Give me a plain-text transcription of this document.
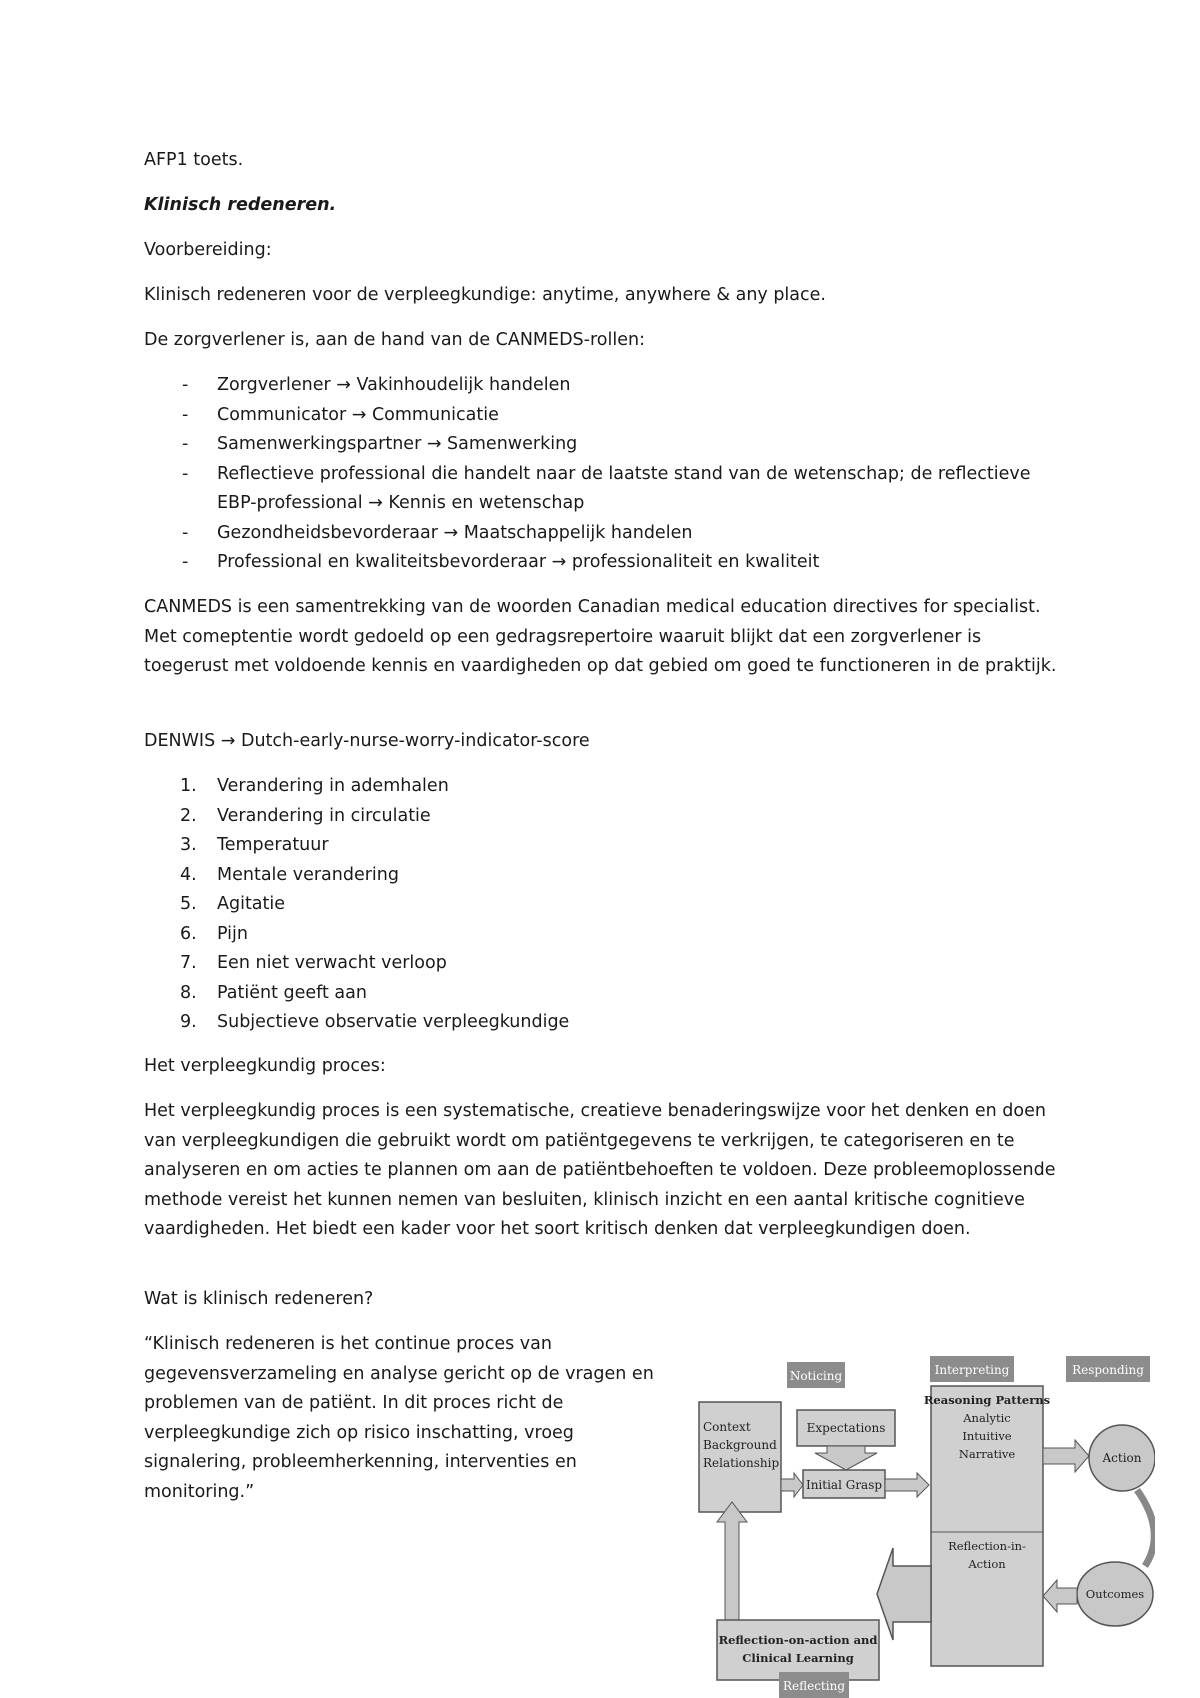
AFP1 toets.

Klinisch redeneren.

Voorbereiding:

Klinisch redeneren voor de verpleegkundige: anytime, anywhere & any place.

De zorgverlener is, aan de hand van de CANMEDS-rollen:

- Zorgverlener → Vakinhoudelijk handelen
- Communicator → Communicatie
- Samenwerkingspartner → Samenwerking
- Reflectieve professional die handelt naar de laatste stand van de wetenschap; de reflectieve EBP-professional → Kennis en wetenschap
- Gezondheidsbevorderaar → Maatschappelijk handelen
- Professional en kwaliteitsbevorderaar → professionaliteit en kwaliteit

CANMEDS is een samentrekking van de woorden Canadian medical education directives for specialist. Met comeptentie wordt gedoeld op een gedragsrepertoire waaruit blijkt dat een zorgverlener is toegerust met voldoende kennis en vaardigheden op dat gebied om goed te functioneren in de praktijk.

DENWIS → Dutch-early-nurse-worry-indicator-score

1. Verandering in ademhalen
2. Verandering in circulatie
3. Temperatuur
4. Mentale verandering
5. Agitatie
6. Pijn
7. Een niet verwacht verloop
8. Patiënt geeft aan
9. Subjectieve observatie verpleegkundige

Het verpleegkundig proces:

Het verpleegkundig proces is een systematische, creatieve benaderingswijze voor het denken en doen van verpleegkundigen die gebruikt wordt om patiëntgegevens te verkrijgen, te categoriseren en te analyseren en om acties te plannen om aan de patiëntbehoeften te voldoen. Deze probleemoplossende methode vereist het kunnen nemen van besluiten, klinisch inzicht en een aantal kritische cognitieve vaardigheden. Het biedt een kader voor het soort kritisch denken dat verpleegkundigen doen.

Wat is klinisch redeneren?

“Klinisch redeneren is het continue proces van gegevensverzameling en analyse gericht op de vragen en problemen van de patiënt. In dit proces richt de verpleegkundige zich op risico inschatting, vroeg signalering, probleemherkenning, interventies en monitoring.”

Noticing	Interpreting	Responding
Context
Background
Relationship
Expectations
Initial Grasp
Reasoning Patterns
Analytic
Intuitive
Narrative
Reflection-in-
Action
Action
Outcomes
Reflection-on-action and
Clinical Learning
Reflecting
